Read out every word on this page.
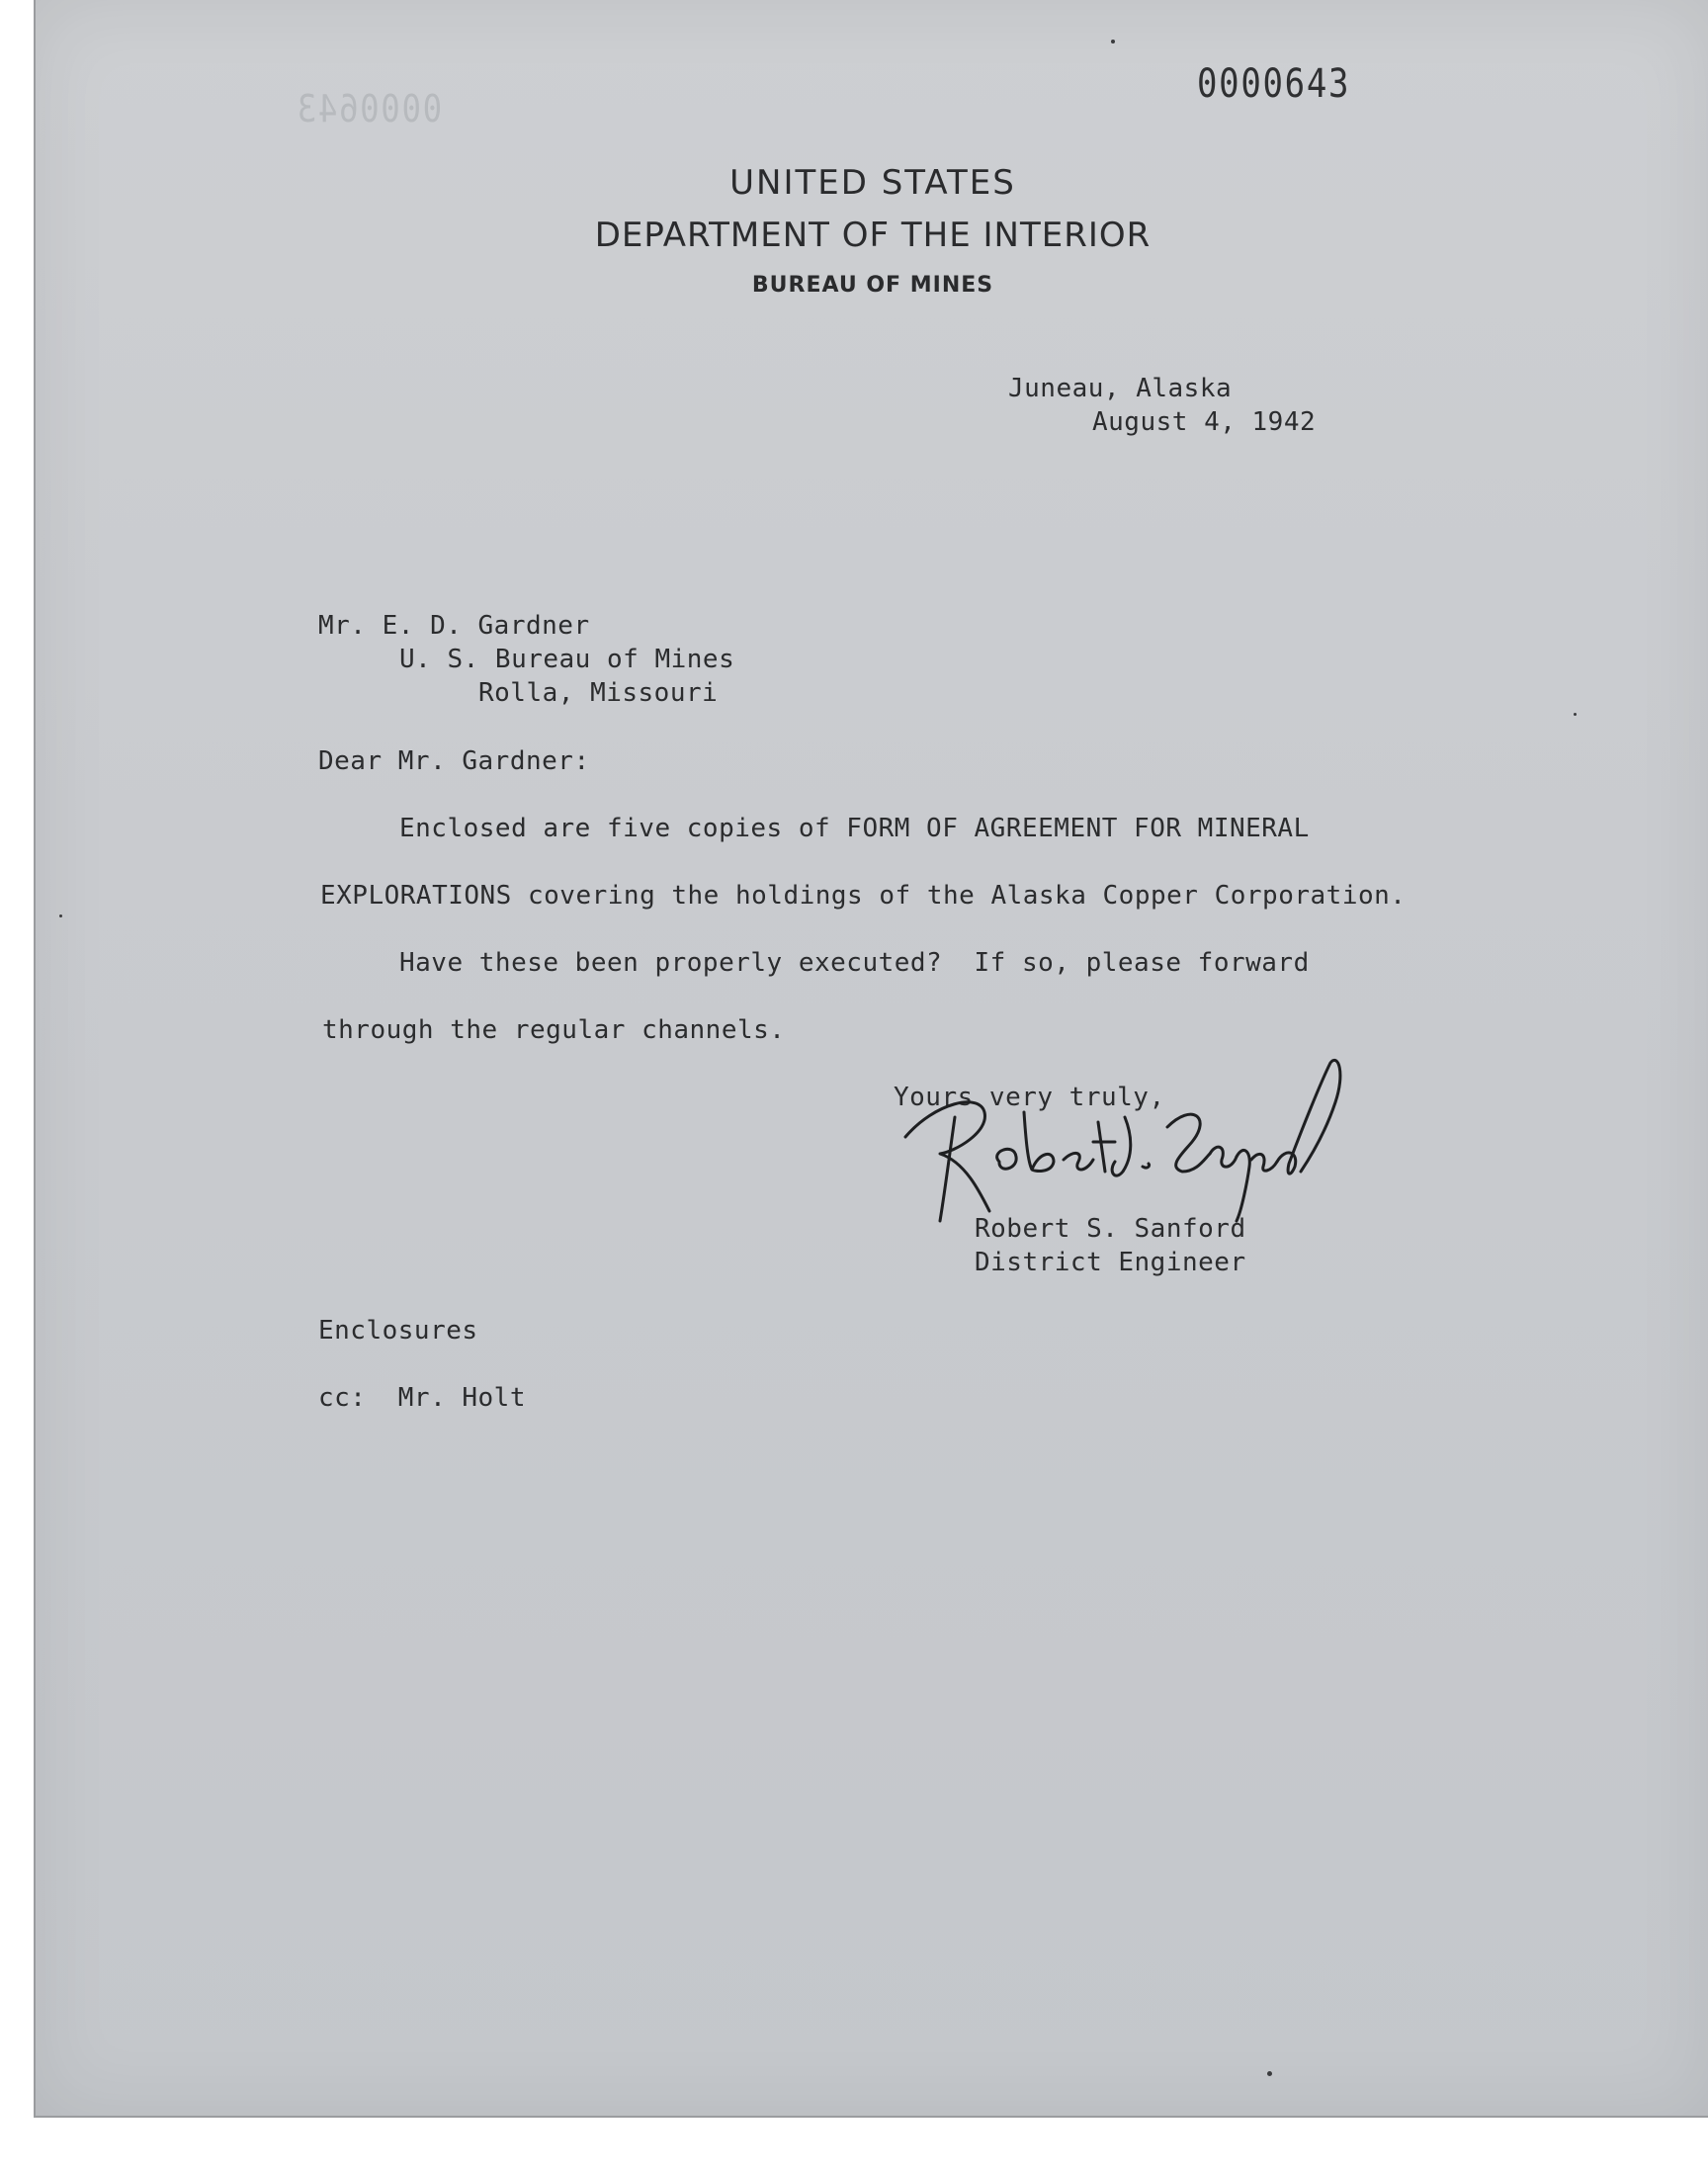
0000643
0000643
UNITED STATES
DEPARTMENT OF THE INTERIOR
BUREAU OF MINES
Juneau, Alaska
August 4, 1942
Mr. E. D. Gardner
U. S. Bureau of Mines
Rolla, Missouri
Dear Mr. Gardner:
Enclosed are five copies of FORM OF AGREEMENT FOR MINERAL
EXPLORATIONS covering the holdings of the Alaska Copper Corporation.
Have these been properly executed?  If so, please forward
through the regular channels.
Yours very truly,
Robert S. Sanford
District Engineer
Enclosures
cc:  Mr. Holt
